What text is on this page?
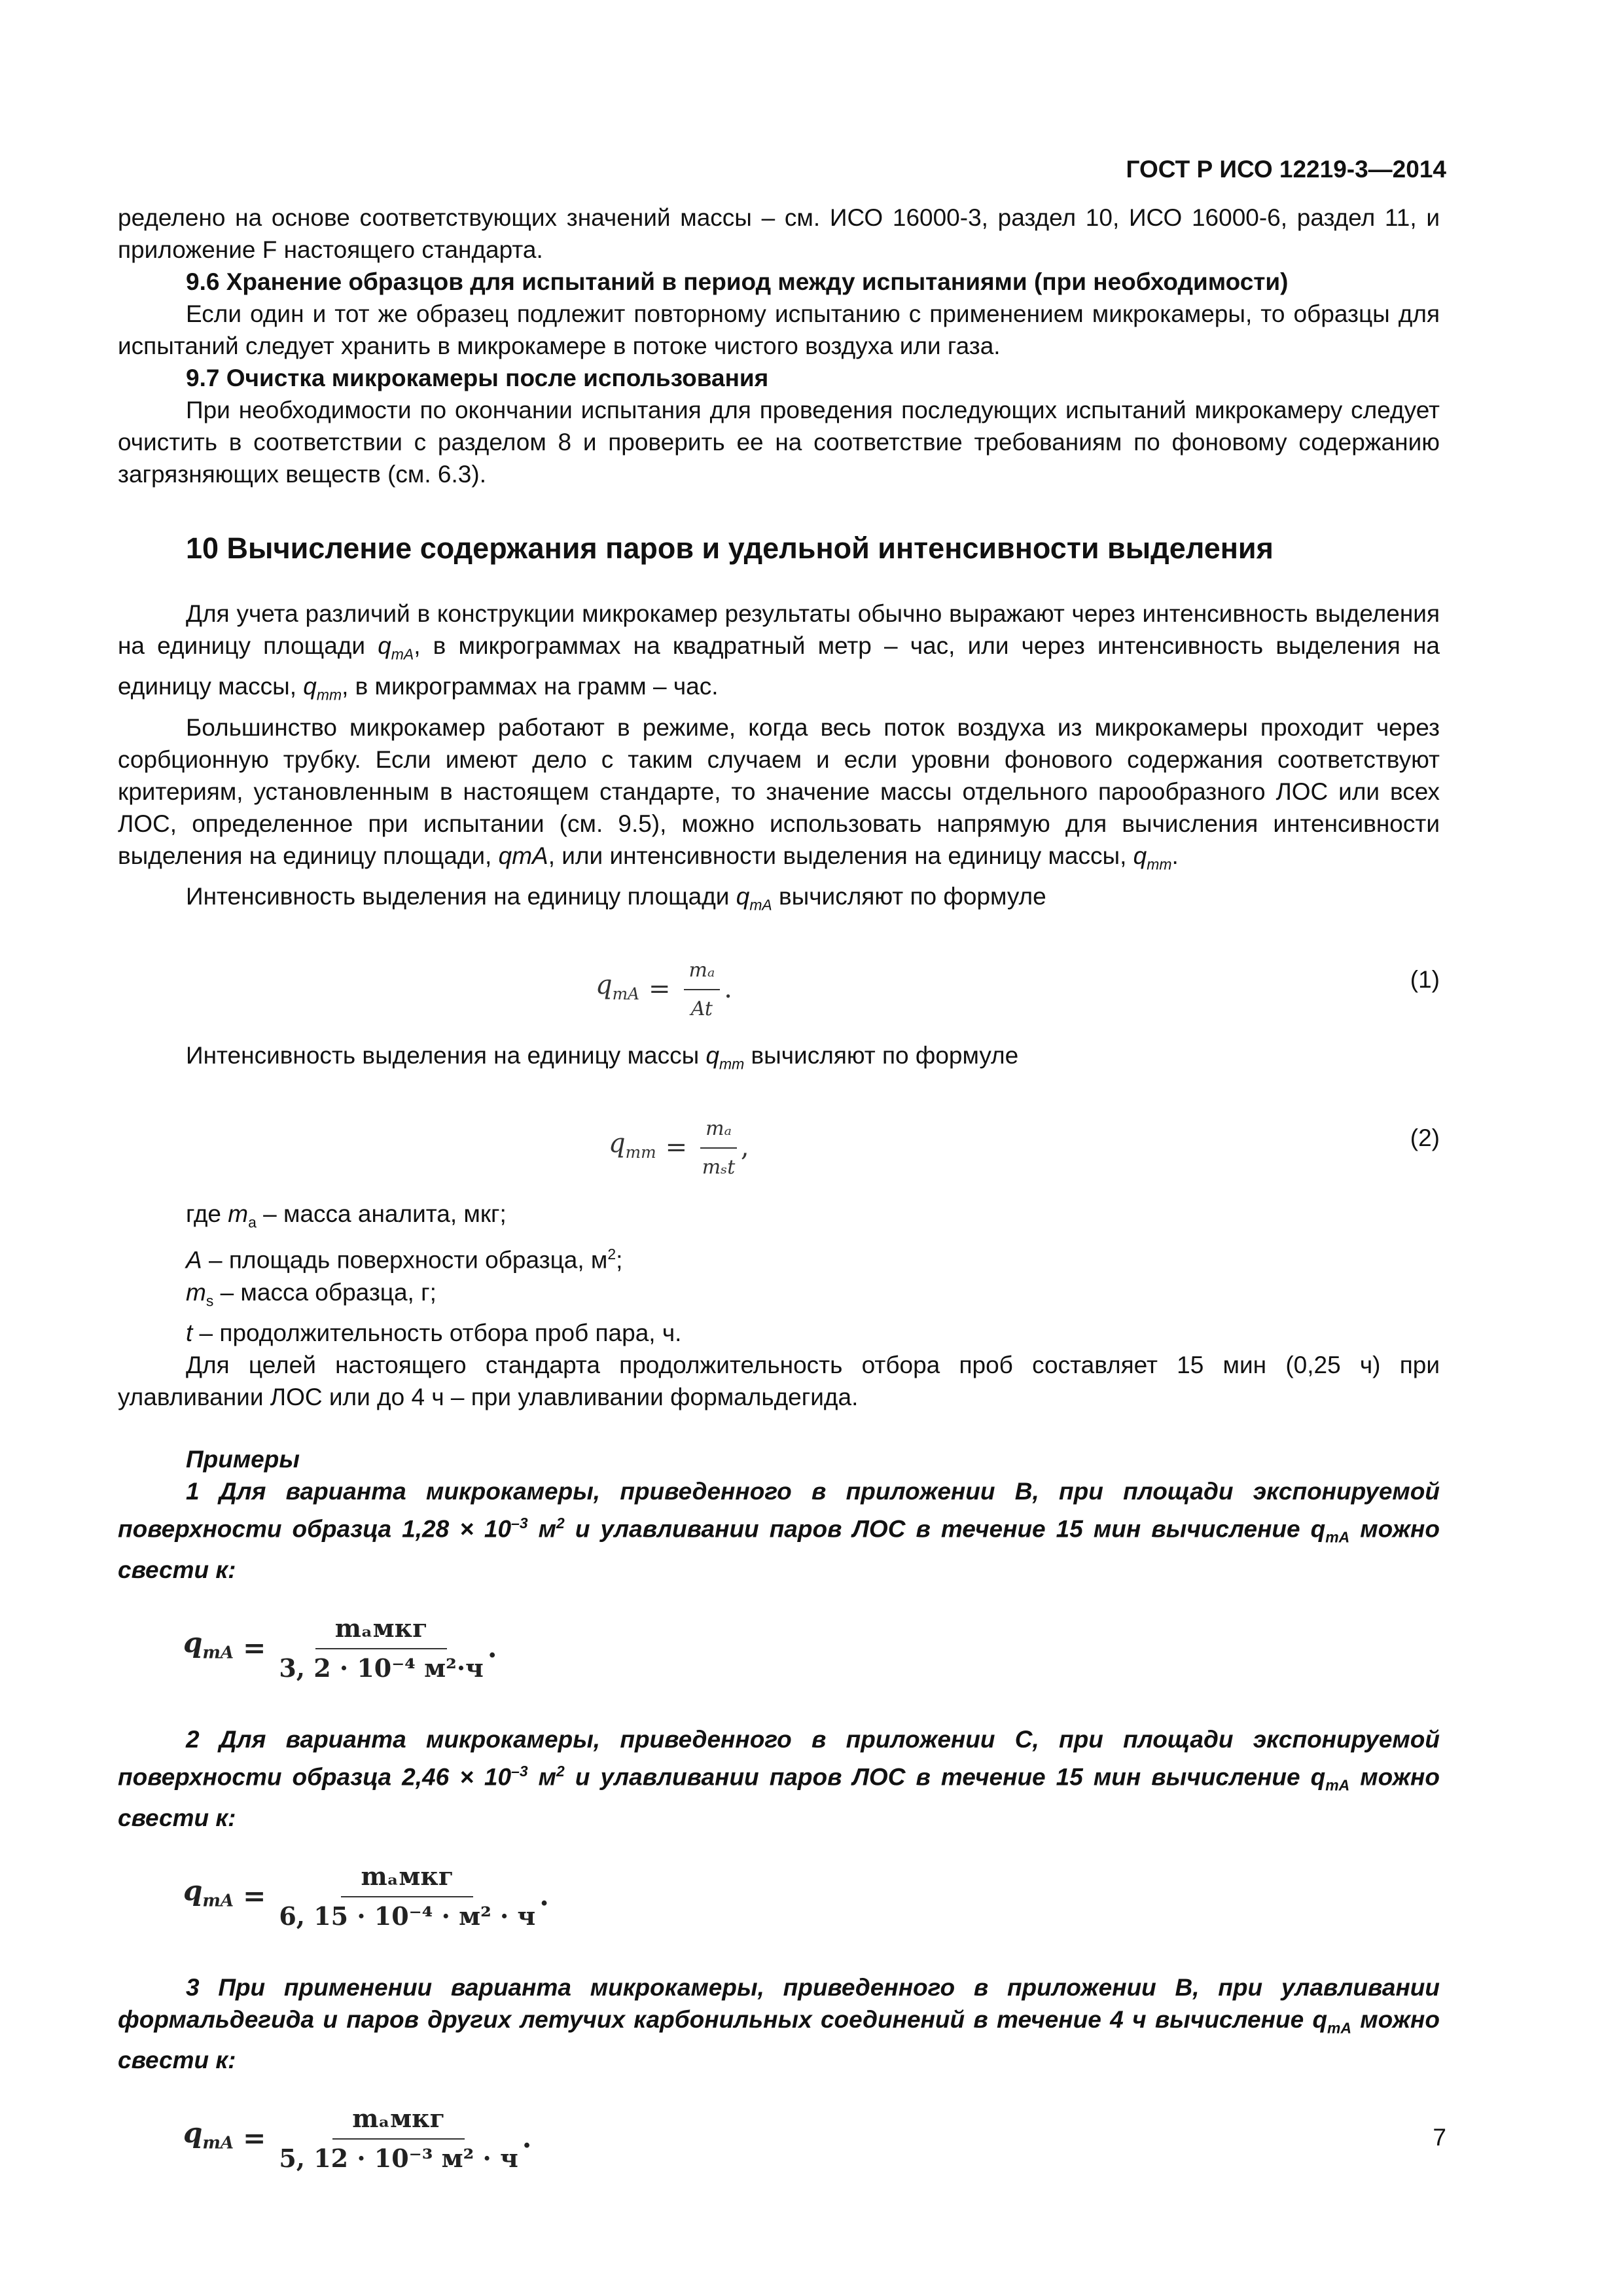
ГОСТ Р ИСО 12219-3—2014

ределено на основе соответствующих значений массы – см. ИСО 16000-3, раздел 10, ИСО 16000-6, раздел 11, и приложение F настоящего стандарта.

9.6 Хранение образцов для испытаний в период между испытаниями (при необходимости)

Если один и тот же образец подлежит повторному испытанию с применением микрокамеры, то образцы для испытаний следует хранить в микрокамере в потоке чистого воздуха или газа.

9.7 Очистка микрокамеры после использования

При необходимости по окончании испытания для проведения последующих испытаний микрокамеру следует очистить в соответствии с разделом 8 и проверить ее на соответствие требованиям по фоновому содержанию загрязняющих веществ (см. 6.3).

10 Вычисление содержания паров и удельной интенсивности выделения

Для учета различий в конструкции микрокамер результаты обычно выражают через интенсивность выделения на единицу площади $q_{mA}$, в микрограммах на квадратный метр – час, или через интенсивность выделения на единицу массы, $q_{mm}$, в микрограммах на грамм – час.

Большинство микрокамер работают в режиме, когда весь поток воздуха из микрокамеры проходит через сорбционную трубку. Если имеют дело с таким случаем и если уровни фонового содержания соответствуют критериям, установленным в настоящем стандарте, то значение массы отдельного парообразного ЛОС или всех ЛОС, определенное при испытании (см. 9.5), можно использовать напрямую для вычисления интенсивности выделения на единицу площади, qmA, или интенсивности выделения на единицу массы, $q_{mm}$.

Интенсивность выделения на единицу площади $q_{mA}$ вычисляют по формуле

$q_{mA} = \frac{\text{mₐ}}{At}$ .	(1)

Интенсивность выделения на единицу массы $q_{mm}$ вычисляют по формуле

$q_{mm} = \frac{\text{mₐ}}{\text{mₛt}}$ ,	(2)

где $m_a$ – масса аналита, мкг;

A – площадь поверхности образца, $м^2$;

$m_s$ – масса образца, г;

t – продолжительность отбора проб пара, ч.

Для целей настоящего стандарта продолжительность отбора проб составляет 15 мин (0,25 ч) при улавливании ЛОС или до 4 ч – при улавливании формальдегида.

Примеры

1 Для варианта микрокамеры, приведенного в приложении В, при площади экспонируемой поверхности образца $1,28 \times 10^{-3}$ $м^2$ и улавливании паров ЛОС в течение 15 мин вычисление $q_{mA}$ можно свести к:

$q_{mA} = \frac{\text{mₐмкг}}{\text{3, 2 · 10⁻⁴ м²·ч}}$ .

2 Для варианта микрокамеры, приведенного в приложении С, при площади экспонируемой поверхности образца $2,46 \times 10^{-3}$ $м^2$ и улавливании паров ЛОС в течение 15 мин вычисление $q_{mA}$ можно свести к:

$q_{mA} = \frac{\text{mₐмкг}}{\text{6, 15 · 10⁻⁴ · м² · ч}}$ .

3 При применении варианта микрокамеры, приведенного в приложении В, при улавливании формальдегида и паров других летучих карбонильных соединений в течение 4 ч вычисление $q_{mA}$ можно свести к:

$q_{mA} = \frac{\text{mₐмкг}}{\text{5, 12 · 10⁻³ м² · ч}}$ .	7
